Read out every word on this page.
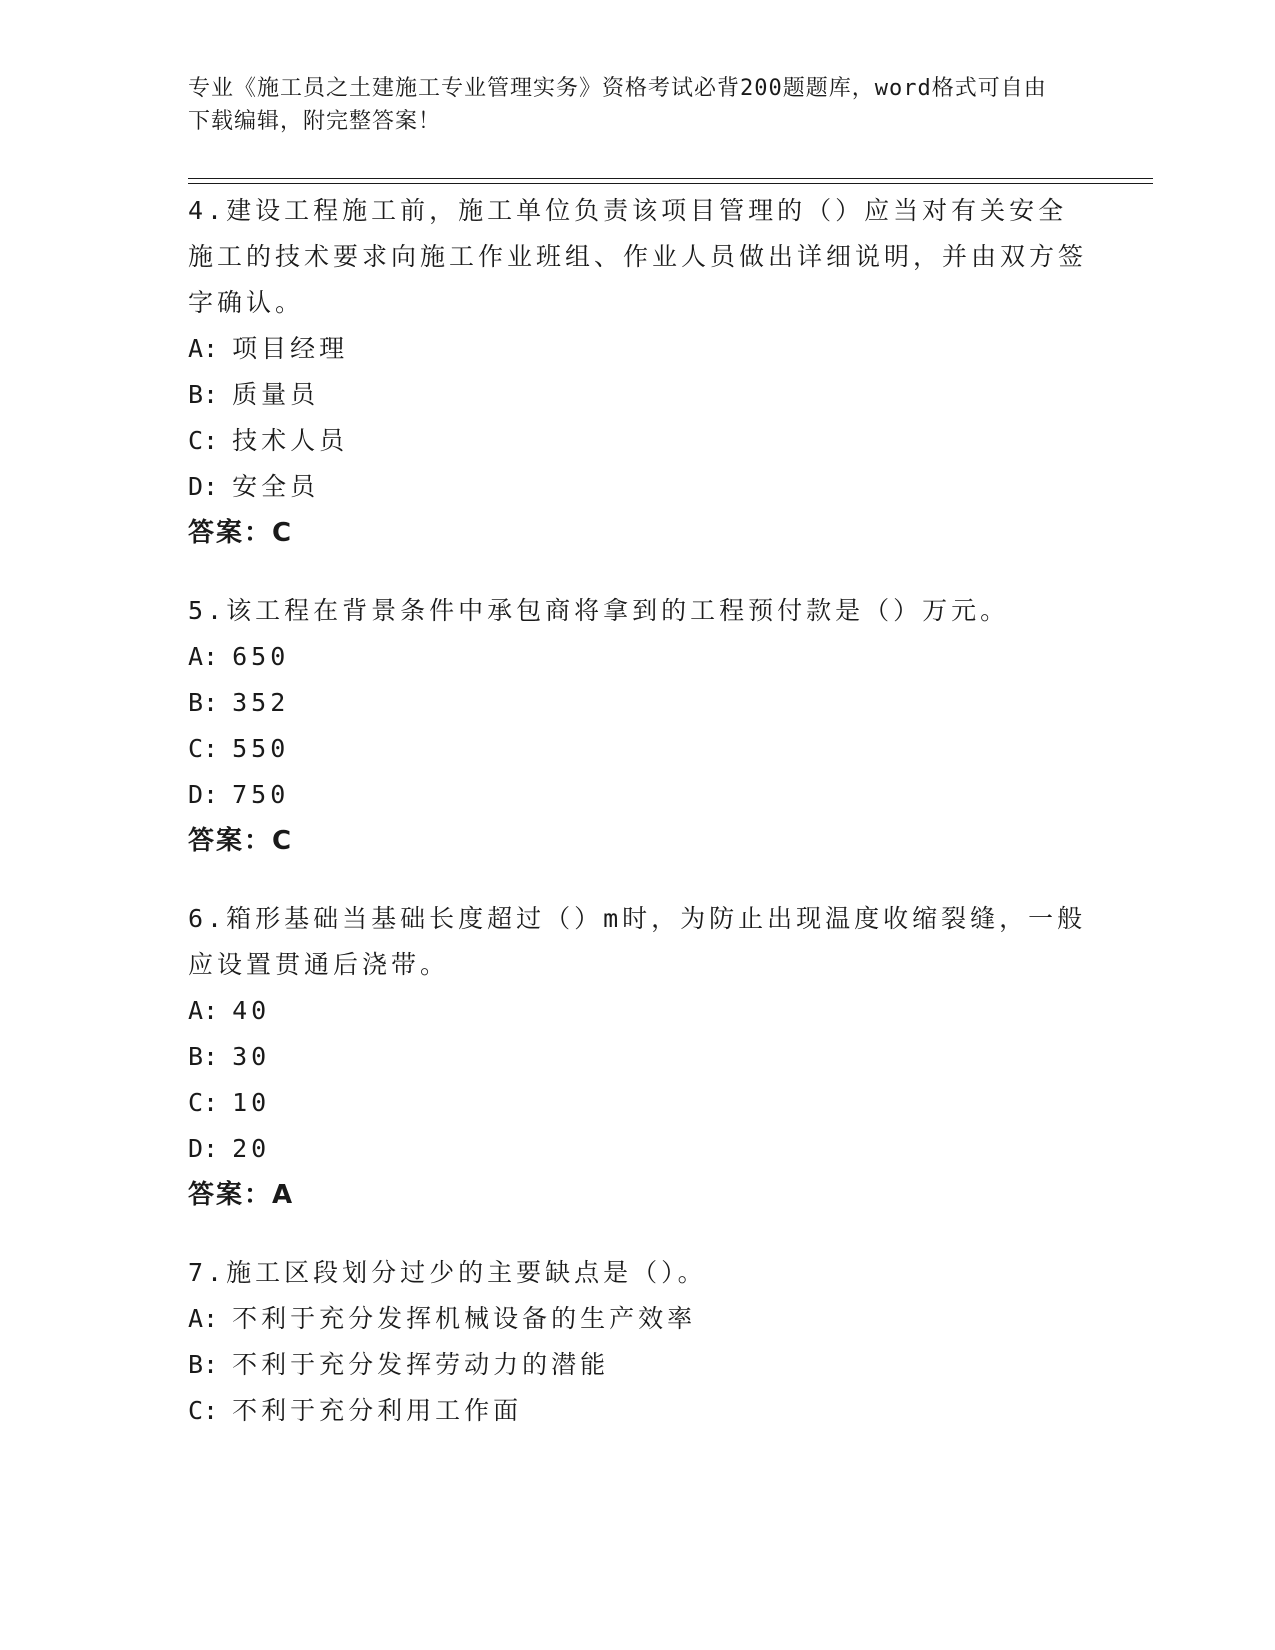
专业《施工员之土建施工专业管理实务》资格考试必背200题题库，word格式可自由下载编辑，附完整答案！

4.建设工程施工前，施工单位负责该项目管理的（）应当对有关安全施工的技术要求向施工作业班组、作业人员做出详细说明，并由双方签字确认。

A: 项目经理
B: 质量员
C: 技术人员
D: 安全员
答案：C

5.该工程在背景条件中承包商将拿到的工程预付款是（）万元。

A: 650
B: 352
C: 550
D: 750
答案：C

6.箱形基础当基础长度超过（）m时，为防止出现温度收缩裂缝，一般应设置贯通后浇带。

A: 40
B: 30
C: 10
D: 20
答案：A

7.施工区段划分过少的主要缺点是（）。

A: 不利于充分发挥机械设备的生产效率
B: 不利于充分发挥劳动力的潜能
C: 不利于充分利用工作面
